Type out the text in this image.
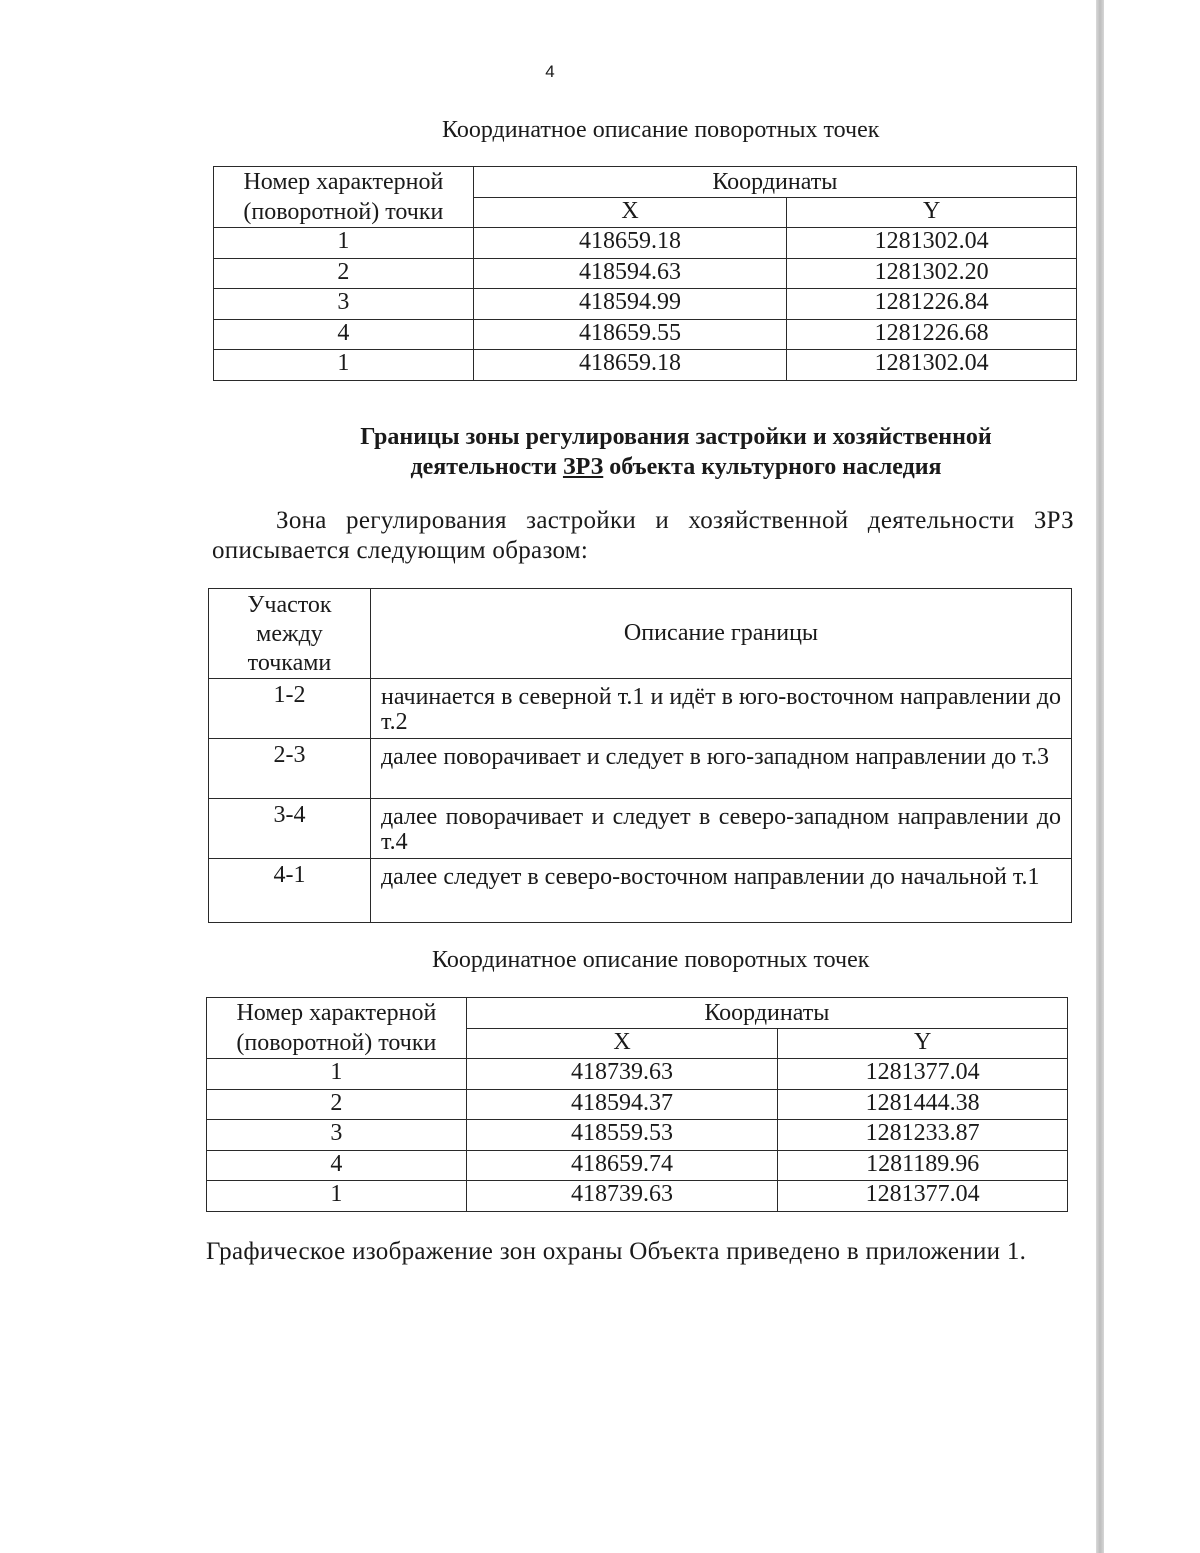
4
Координатное описание поворотных точек
Номер характерной (поворотной) точки	Координаты	
	X	Y
1	418659.18	1281302.04
2	418594.63	1281302.20
3	418594.99	1281226.84
4	418659.55	1281226.68
1	418659.18	1281302.04
Границы зоны регулирования застройки и хозяйственной
деятельности ЗРЗ объекта культурного наследия

Зона регулирования застройки и хозяйственной деятельности ЗРЗ описывается следующим образом:

Участок между точками	Описание границы
1-2	начинается в северной т.1 и идёт в юго-восточном направлении до т.2
2-3	далее поворачивает и следует в юго-западном направлении до т.3
3-4	далее поворачивает и следует в северо-западном направлении до т.4
4-1	далее следует в северо-восточном направлении до начальной т.1
Координатное описание поворотных точек
Номер характерной (поворотной) точки	Координаты	
	X	Y
1	418739.63	1281377.04
2	418594.37	1281444.38
3	418559.53	1281233.87
4	418659.74	1281189.96
1	418739.63	1281377.04
Графическое изображение зон охраны Объекта приведено в приложении 1.
